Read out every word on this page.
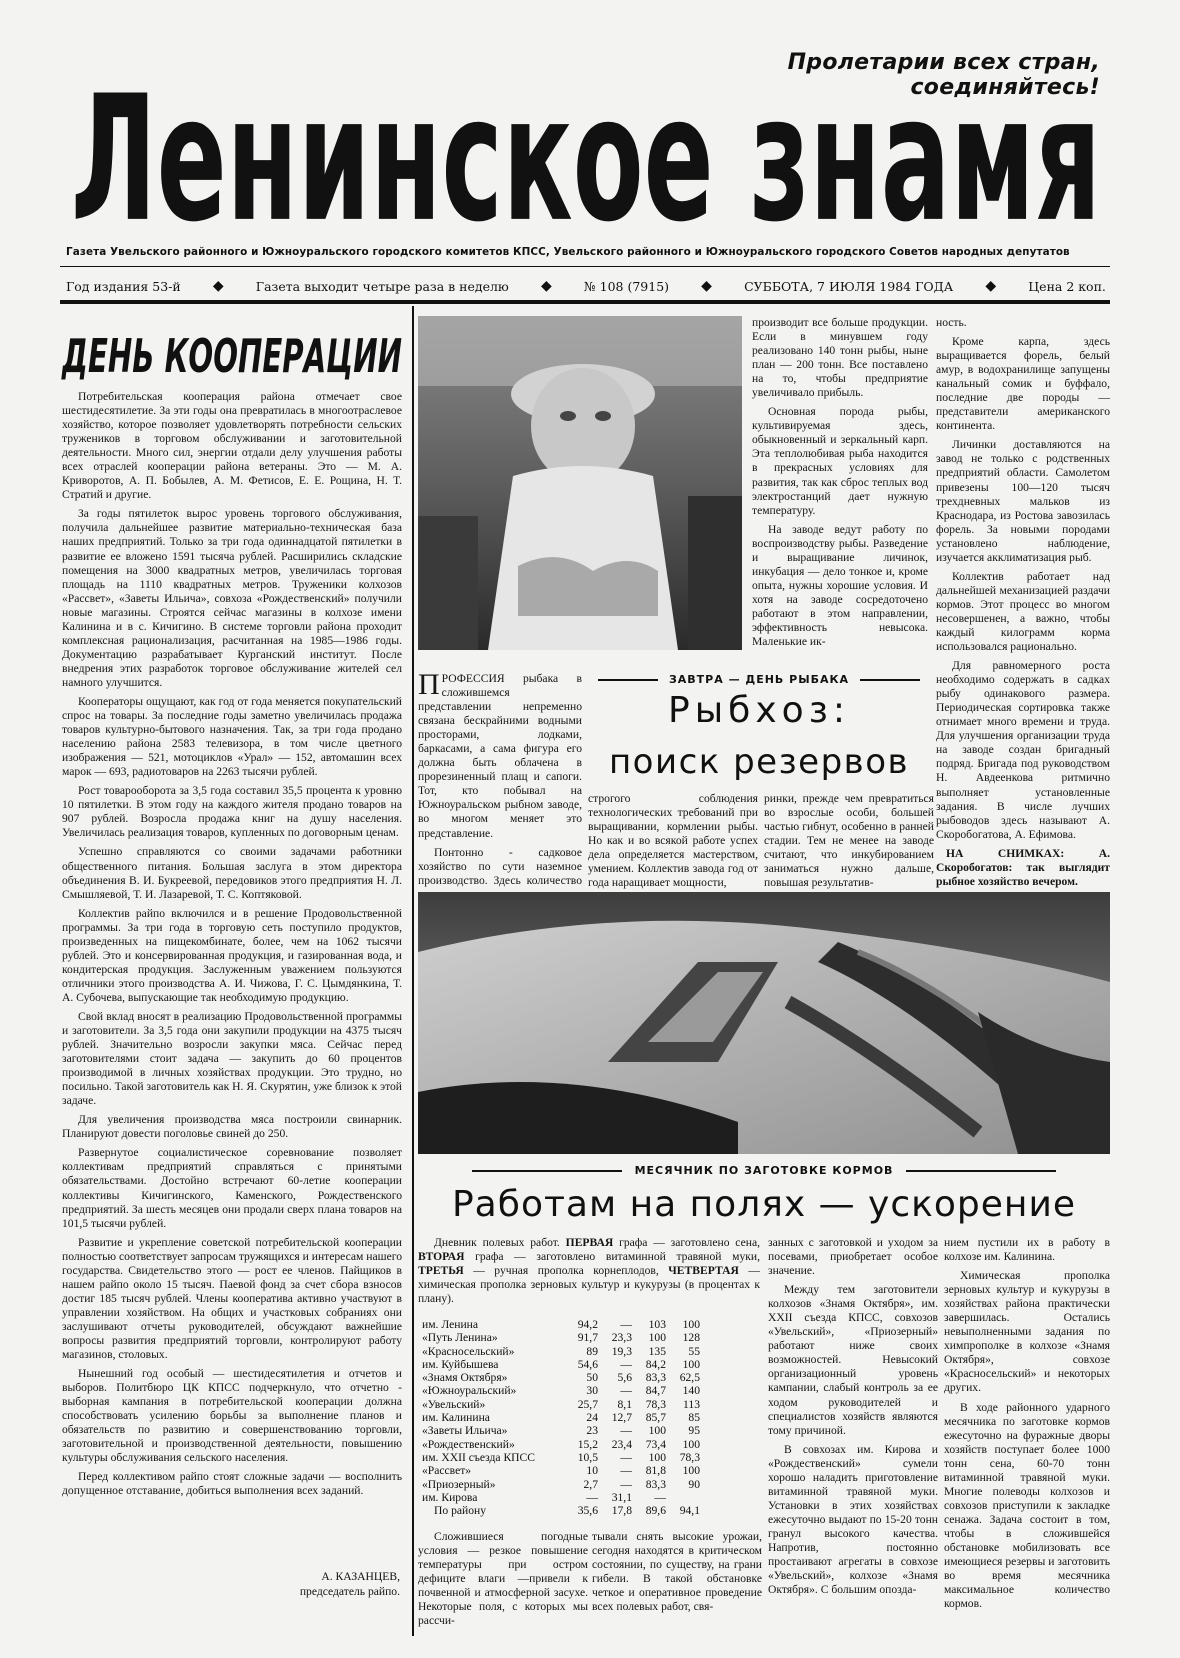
Пролетарии всех стран, соединяйтесь!
Ленинское знамя
Газета Увельского районного и Южноуральского городского комитетов КПСС, Увельского районного и Южноуральского городского Советов народных депутатов
Год издания 53-й ◆	Газета выходит четыре раза в неделю ◆	№ 108 (7915) ◆	СУББОТА, 7 ИЮЛЯ 1984 ГОДА ◆	Цена 2 коп.
ДЕНЬ КООПЕРАЦИИ

Потребительская кооперация района отмечает свое шестидесятилетие. За эти годы она превратилась в многоотраслевое хозяйство, которое позволяет удовлетворять потребности сельских тружеников в торговом обслуживании и заготовительной деятельности. Много сил, энергии отдали делу улучшения работы всех отраслей кооперации района ветераны. Это — М. А. Криворотов, А. П. Бобылев, А. М. Фетисов, Е. Е. Рощина, Н. Т. Стратий и другие.

За годы пятилеток вырос уровень торгового обслуживания, получила дальнейшее развитие материально-техническая база наших предприятий. Только за три года одиннадцатой пятилетки в развитие ее вложено 1591 тысяча рублей. Расширились складские помещения на 3000 квадратных метров, увеличилась торговая площадь на 1110 квадратных метров. Труженики колхозов «Рассвет», «Заветы Ильича», совхоза «Рождественский» получили новые магазины. Строятся сейчас магазины в колхозе имени Калинина и в с. Кичигино. В системе торговли района проходит комплексная рационализация, расчитанная на 1985—1986 годы. Документацию разрабатывает Курганский институт. После внедрения этих разработок торговое обслуживание жителей сел намного улучшится.

Кооператоры ощущают, как год от года меняется покупательский спрос на товары. За последние годы заметно увеличилась продажа товаров культурно-бытового назначения. Так, за три года продано населению района 2583 телевизора, в том числе цветного изображения — 521, мотоциклов «Урал» — 152, автомашин всех марок — 693, радиотоваров на 2263 тысячи рублей.

Рост товарооборота за 3,5 года составил 35,5 процента к уровню 10 пятилетки. В этом году на каждого жителя продано товаров на 907 рублей. Возросла продажа книг на душу населения. Увеличилась реализация товаров, купленных по договорным ценам.

Успешно справляются со своими задачами работники общественного питания. Большая заслуга в этом директора объединения В. И. Букреевой, передовиков этого предприятия Н. Л. Смышляевой, Т. И. Лазаревой, Т. С. Коптяковой.

Коллектив райпо включился и в решение Продовольственной программы. За три года в торговую сеть поступило продуктов, произведенных на пищекомбинате, более, чем на 1062 тысячи рублей. Это и консервированная продукция, и газированная вода, и кондитерская продукция. Заслуженным уважением пользуются отличники этого производства А. И. Чижова, Г. С. Цымдянкина, Т. А. Субочева, выпускающие так необходимую продукцию.

Свой вклад вносят в реализацию Продовольственной программы и заготовители. За 3,5 года они закупили продукции на 4375 тысяч рублей. Значительно возросли закупки мяса. Сейчас перед заготовителями стоит задача — закупить до 60 процентов производимой в личных хозяйствах продукции. Это трудно, но посильно. Такой заготовитель как Н. Я. Скурятин, уже близок к этой задаче.

Для увеличения производства мяса построили свинарник. Планируют довести поголовье свиней до 250.

Развернутое социалистическое соревнование позволяет коллективам предприятий справляться с принятыми обязательствами. Достойно встречают 60-летие кооперации коллективы Кичигинского, Каменского, Рождественского предприятий. За шесть месяцев они продали сверх плана товаров на 101,5 тысячи рублей.

Развитие и укрепление советской потребительской кооперации полностью соответствует запросам тружящихся и интересам нашего государства. Свидетельство этого — рост ее членов. Пайщиков в нашем райпо около 15 тысяч. Паевой фонд за счет сбора взносов достиг 185 тысяч рублей. Члены кооператива активно участвуют в управлении хозяйством. На общих и участковых собраниях они заслушивают отчеты руководителей, обсуждают важнейшие вопросы развития предприятий торговли, контролируют работу магазинов, столовых.

Нынешний год особый — шестидесятилетия и отчетов и выборов. Политбюро ЦК КПСС подчеркнуло, что отчетно - выборная кампания в потребительской кооперации должна способствовать усилению борьбы за выполнение планов и обязательств по развитию и совершенствованию торговли, заготовительной и производственной деятельности, повышению культуры обслуживания сельского населения.

Перед коллективом райпо стоят сложные задачи — восполнить допущенное отставание, добиться выполнения всех заданий.

А. КАЗАНЦЕВ,
председатель райпо.

производит все больше продукции. Если в минувшем году реализовано 140 тонн рыбы, ныне план — 200 тонн. Все поставлено на то, чтобы предприятие увеличивало прибыль.

Основная порода рыбы, культивируемая здесь, обыкновенный и зеркальный карп. Эта теплолюбивая рыба находится в прекрасных условиях для развития, так как сброс теплых вод электростанций дает нужную температуру.

На заводе ведут работу по воспроизводству рыбы. Разведение и выращивание личинок, инкубация — дело тонкое и, кроме опыта, нужны хорошие условия. И хотя на заводе сосредоточено работают в этом направлении, эффективность невысока. Маленькие ик-

ность.

Кроме карпа, здесь выращивается форель, белый амур, в водохранилище запущены канальный сомик и буффало, последние две породы — представители американского континента.

Личинки доставляются на завод не только с родственных предприятий области. Самолетом привезены 100—120 тысяч трехдневных мальков из Краснодара, из Ростова завозилась форель. За новыми породами установлено наблюдение, изучается акклиматизация рыб.

Коллектив работает над дальнейшей механизацией раздачи кормов. Этот процесс во многом несовершенен, а важно, чтобы каждый килограмм корма использовался рационально.

Для равномерного роста необходимо содержать в садках рыбу одинакового размера. Периодическая сортировка также отнимает много времени и труда. Для улучшения организации труда на заводе создан бригадный подряд. Бригада под руководством Н. Авдеенкова ритмично выполняет установленные задания. В числе лучших рыбоводов здесь называют А. Скоробогатова, А. Ефимова.

НА СНИМКАХ:	А. Скоробогатов: так выглядит рыбное хозяйство вечером.

ЗАВТРА — ДЕНЬ РЫБАКА
Рыбхоз:
поиск резервов

ПРОФЕССИЯ рыбака в сложившемся представлении непременно связана бескрайними водными просторами, лодками, баркасами, а сама фигура его должна быть облачена в прорезиненный плащ и сапоги. Тот, кто побывал на Южноуральском рыбном заводе, во многом меняет это представление.

Понтонно - садковое хозяйство по сути наземное производство. Здесь количество

строгого соблюдения технологических требований при выращивании, кормлении рыбы. Но как и во всякой работе успех дела определяется мастерством, умением. Коллектив завода год от года наращивает мощности,

ринки, прежде чем превратиться во взрослые особи, большей частью гибнут, особенно в ранней стадии. Тем не менее на заводе считают, что инкубированием заниматься нужно дальше, повышая результатив-

МЕСЯЧНИК ПО ЗАГОТОВКЕ КОРМОВ
Работам на полях — ускорение

Дневник полевых работ. ПЕРВАЯ графа — заготовлено сена, ВТОРАЯ графа — заготовлено витаминной травяной муки, ТРЕТЬЯ — ручная прополка корнеплодов, ЧЕТВЕРТАЯ — химическая прополка зерновых культур и кукурузы (в процентах к плану).

им. Ленина	94,2	—	103	100
«Путь Ленина»	91,7	23,3	100	128
«Красносельский»	89	19,3	135	55
им. Куйбышева	54,6	—	84,2	100
«Знамя Октября»	50	5,6	83,3	62,5
«Южноуральский»	30	—	84,7	140
«Увельский»	25,7	8,1	78,3	113
им. Калинина	24	12,7	85,7	85
«Заветы Ильича»	23	—	100	95
«Рождественский»	15,2	23,4	73,4	100
им. XXII съезда КПСС	10,5	—	100	78,3
«Рассвет»	10	—	81,8	100
«Приозерный»	2,7	—	83,3	90
им. Кирова	—	31,1	—	
По району	35,6	17,8	89,6	94,1

Сложившиеся погодные условия — резкое повышение температуры при остром дефиците влаги —привели к почвенной и атмосферной засухе. Некоторые поля, с которых мы рассчи-

тывали снять высокие урожаи, сегодня находятся в критическом состоянии, по существу, на грани гибели. В такой обстановке четкое и оперативное проведение всех полевых работ, свя-

занных с заготовкой и уходом за посевами, приобретает особое значение.

Между тем заготовители колхозов «Знамя Октября», им. XXII съезда КПСС, совхозов «Увельский», «Приозерный» работают ниже своих возможностей. Невысокий организационный уровень кампании, слабый контроль за ее ходом руководителей и специалистов хозяйств являются тому причиной.

В совхозах им. Кирова и «Рождественский» сумели хорошо наладить приготовление витаминной травяной муки. Установки в этих хозяйствах ежесуточно выдают по 15-20 тонн гранул высокого качества. Напротив, постоянно простаивают агрегаты в совхозе «Увельский», колхозе «Знамя Октября». С большим опозда-

нием пустили их в работу в колхозе им. Калинина.

Химическая прополка зерновых культур и кукурузы в хозяйствах района практически завершилась. Остались невыполненными задания по химпрополке в колхозе «Знамя Октября», совхозе «Красносельский» и некоторых других.

В ходе районного ударного месячника по заготовке кормов ежесуточно на фуражные дворы хозяйств поступает более 1000 тонн сена, 60-70 тонн витаминной травяной муки. Многие полеводы колхозов и совхозов приступили к закладке сенажа. Задача состоит в том, чтобы в сложившейся обстановке мобилизовать все имеющиеся резервы и заготовить во время месячника максимальное количество кормов.
